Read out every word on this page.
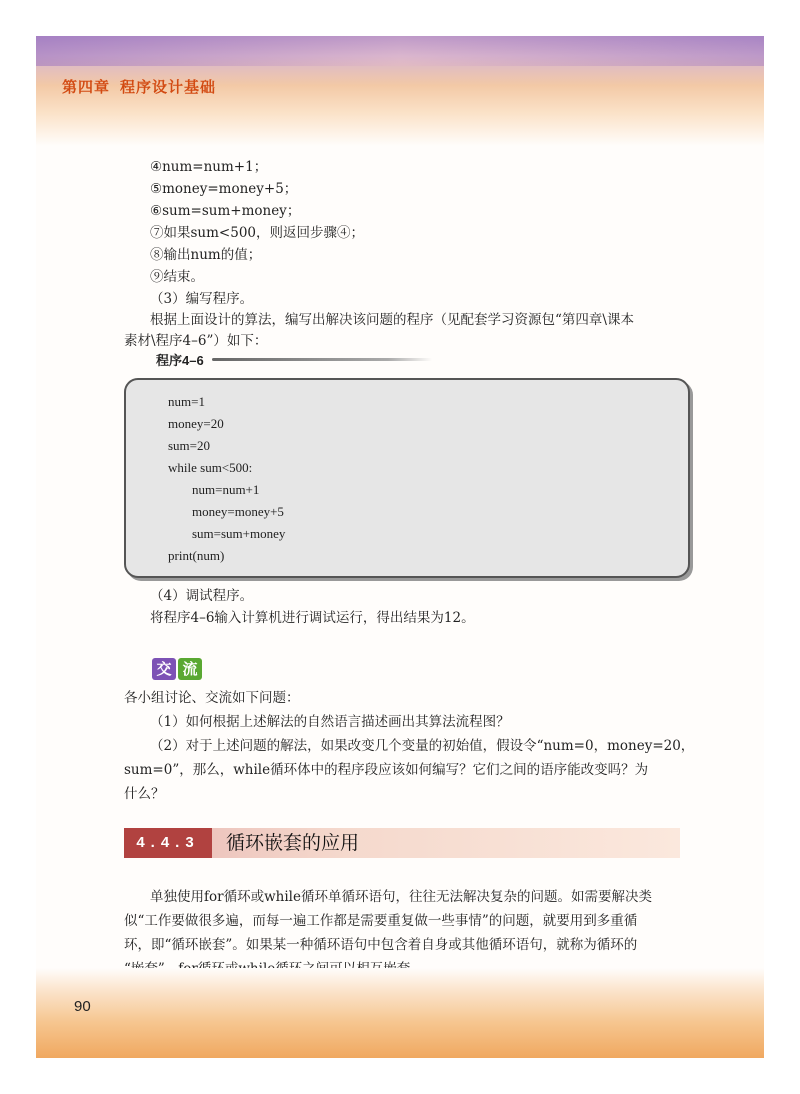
第四章 程序设计基础
④num=num+1；
⑤money=money+5；
⑥sum=sum+money；
⑦如果sum<500，则返回步骤④；
⑧输出num的值；
⑨结束。
（3）编写程序。
根据上面设计的算法，编写出解决该问题的程序（见配套学习资源包“第四章\课本
素材\程序4–6”）如下：
程序4–6
num=1
money=20
sum=20
while sum<500:
num=num+1
money=money+5
sum=sum+money
print(num)
（4）调试程序。
将程序4–6输入计算机进行调试运行，得出结果为12。
交 流
各小组讨论、交流如下问题：
（1）如何根据上述解法的自然语言描述画出其算法流程图？
（2）对于上述问题的解法，如果改变几个变量的初始值，假设令“num=0，money=20，
sum=0”，那么，while循环体中的程序段应该如何编写？它们之间的语序能改变吗？为
什么？
4.4.3	循环嵌套的应用
单独使用for循环或while循环单循环语句，往往无法解决复杂的问题。如需要解决类
似“工作要做很多遍，而每一遍工作都是需要重复做一些事情”的问题，就要用到多重循
环，即“循环嵌套”。如果某一种循环语句中包含着自身或其他循环语句，就称为循环的
90
